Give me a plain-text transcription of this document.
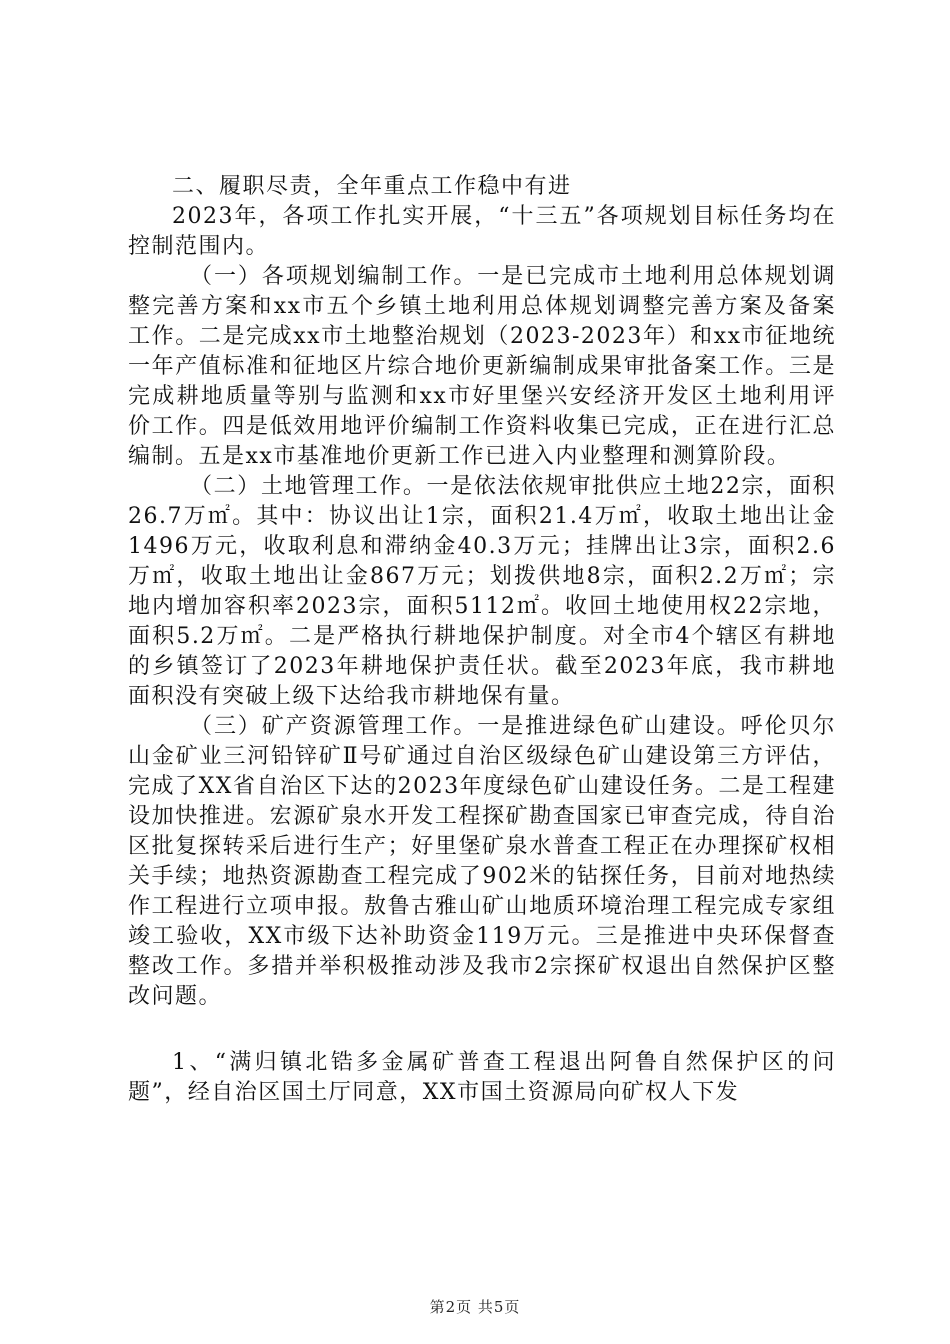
二、履职尽责，全年重点工作稳中有进

2023年，各项工作扎实开展，“十三五”各项规划目标任务均在控制范围内。

（一）各项规划编制工作。一是已完成市土地利用总体规划调整完善方案和xx市五个乡镇土地利用总体规划调整完善方案及备案工作。二是完成xx市土地整治规划（2023-2023年）和xx市征地统一年产值标准和征地区片综合地价更新编制成果审批备案工作。三是完成耕地质量等别与监测和xx市好里堡兴安经济开发区土地利用评价工作。四是低效用地评价编制工作资料收集已完成，正在进行汇总编制。五是xx市基准地价更新工作已进入内业整理和测算阶段。

（二）土地管理工作。一是依法依规审批供应土地22宗，面积26.7万㎡。其中：协议出让1宗，面积21.4万㎡，收取土地出让金1496万元，收取利息和滞纳金40.3万元；挂牌出让3宗，面积2.6万㎡，收取土地出让金867万元；划拨供地8宗，面积2.2万㎡；宗地内增加容积率2023宗，面积5112㎡。收回土地使用权22宗地，面积5.2万㎡。二是严格执行耕地保护制度。对全市4个辖区有耕地的乡镇签订了2023年耕地保护责任状。截至2023年底，我市耕地面积没有突破上级下达给我市耕地保有量。

（三）矿产资源管理工作。一是推进绿色矿山建设。呼伦贝尔山金矿业三河铅锌矿Ⅱ号矿通过自治区级绿色矿山建设第三方评估，完成了XX省自治区下达的2023年度绿色矿山建设任务。二是工程建设加快推进。宏源矿泉水开发工程探矿勘查国家已审查完成，待自治区批复探转采后进行生产；好里堡矿泉水普查工程正在办理探矿权相关手续；地热资源勘查工程完成了902米的钻探任务，目前对地热续作工程进行立项申报。敖鲁古雅山矿山地质环境治理工程完成专家组竣工验收，XX市级下达补助资金119万元。三是推进中央环保督查整改工作。多措并举积极推动涉及我市2宗探矿权退出自然保护区整改问题。

1、“满归镇北锆多金属矿普查工程退出阿鲁自然保护区的问题”，经自治区国土厅同意，XX市国土资源局向矿权人下发

第2页 共5页
